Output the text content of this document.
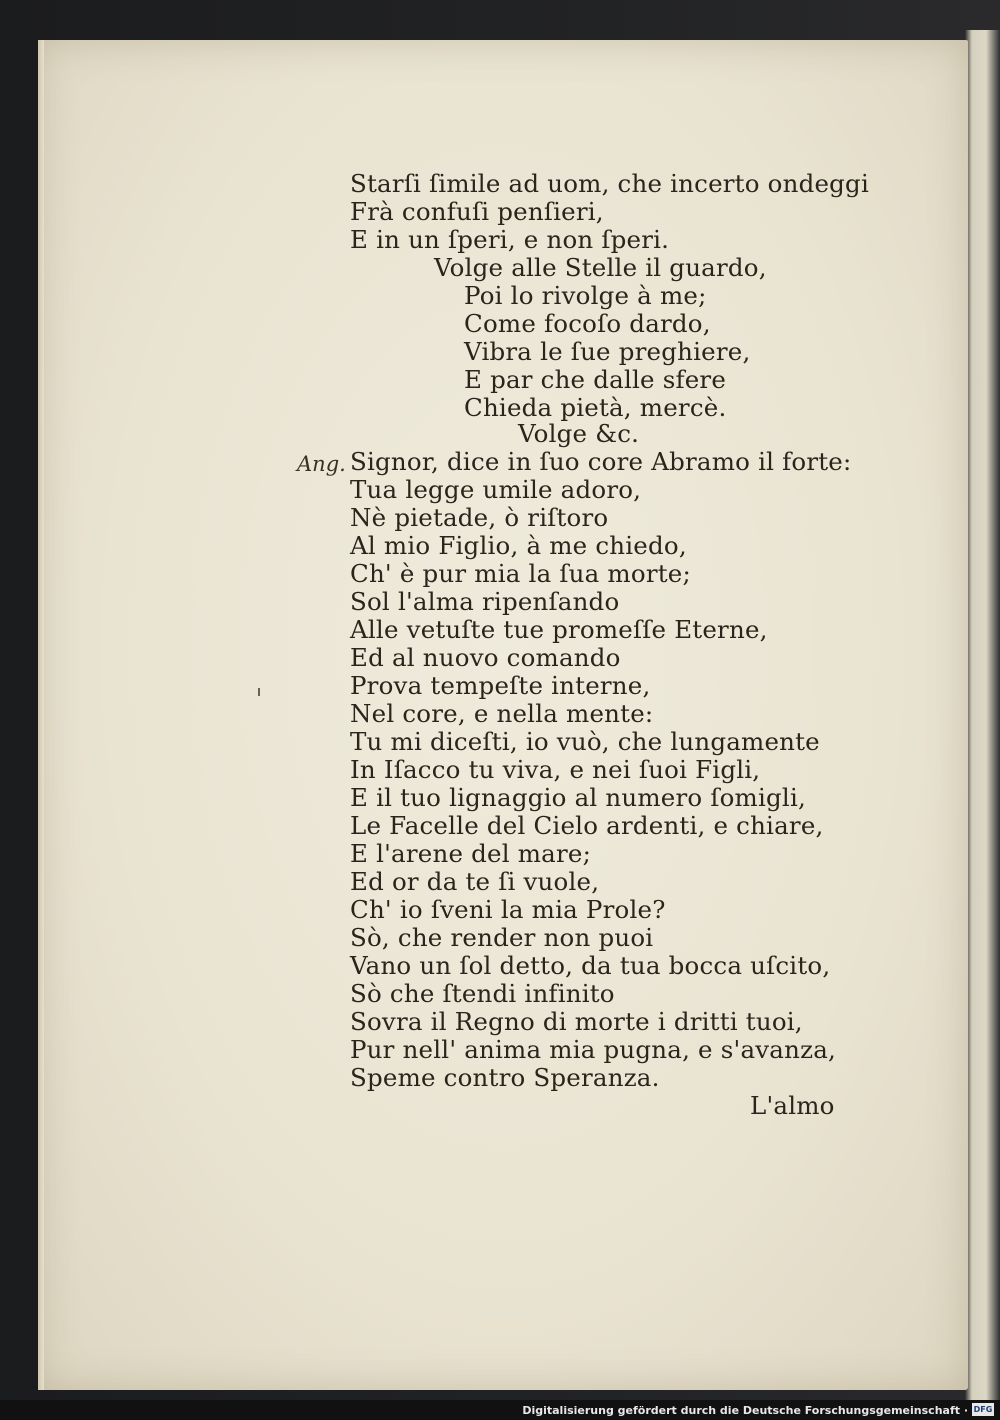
Starſi ſimile ad uom, che incerto ondeggi
Frà confuſi penſieri,
E in un ſperi, e non ſperi.
Volge alle Stelle il guardo,
Poi lo rivolge à me;
Come focoſo dardo,
Vibra le ſue preghiere,
E par che dalle sfere
Chieda pietà, mercè.
Volge &c.
Ang. Signor, dice in ſuo core Abramo il forte:
Tua legge umile adoro,
Nè pietade, ò riſtoro
Al mio Figlio, à me chiedo,
Ch' è pur mia la ſua morte;
Sol l'alma ripenſando
Alle vetuſte tue promeſſe Eterne,
Ed al nuovo comando
Prova tempeſte interne,
Nel core, e nella mente:
Tu mi diceſti, io vuò, che lungamente
In Iſacco tu viva, e nei ſuoi Figli,
E il tuo lignaggio al numero ſomigli,
Le Facelle del Cielo ardenti, e chiare,
E l'arene del mare;
Ed or da te ſi vuole,
Ch' io ſveni la mia Prole?
Sò, che render non puoi
Vano un ſol detto, da tua bocca uſcito,
Sò che ſtendi infinito
Sovra il Regno di morte i dritti tuoi,
Pur nell' anima mia pugna, e s'avanza,
Speme contro Speranza.
L'almo
Digitalisierung gefördert durch die Deutsche Forschungsgemeinschaft · DFG
